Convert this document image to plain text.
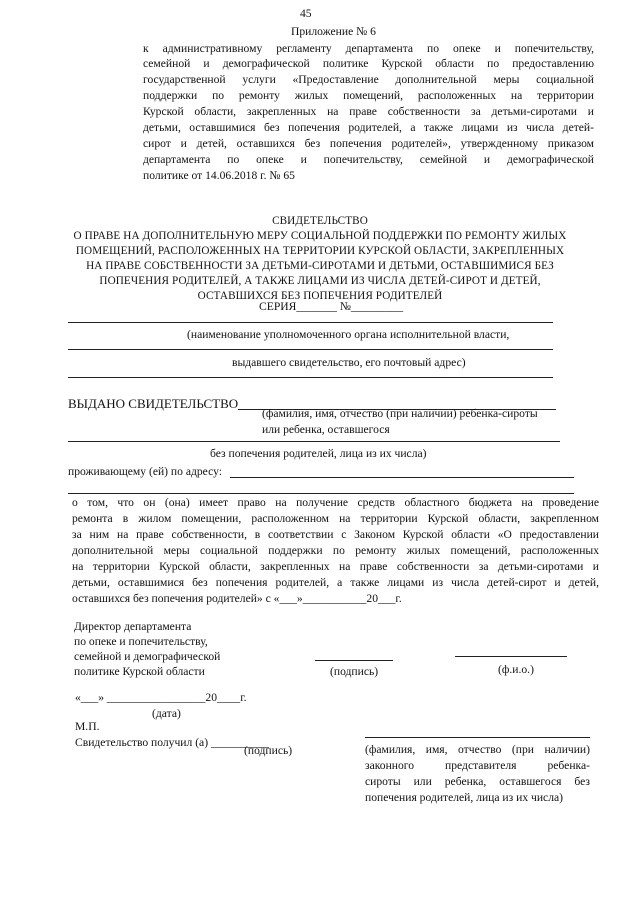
45
Приложение № 6
к административному регламенту департамента по опеке и попечительству,
семейной и демографической политике Курской области по предоставлению
государственной услуги «Предоставление дополнительной меры социальной
поддержки по ремонту жилых помещений, расположенных на территории
Курской области, закрепленных на праве собственности за детьми-сиротами и
детьми, оставшимися без попечения родителей, а также лицами из числа детей-
сирот и детей, оставшихся без попечения родителей», утвержденному приказом
департамента по опеке и попечительству, семейной и демографической
политике от 14.06.2018 г. № 65
СВИДЕТЕЛЬСТВО
О ПРАВЕ НА ДОПОЛНИТЕЛЬНУЮ МЕРУ СОЦИАЛЬНОЙ ПОДДЕРЖКИ ПО РЕМОНТУ ЖИЛЫХ
ПОМЕЩЕНИЙ, РАСПОЛОЖЕННЫХ НА ТЕРРИТОРИИ КУРСКОЙ ОБЛАСТИ, ЗАКРЕПЛЕННЫХ
НА ПРАВЕ СОБСТВЕННОСТИ ЗА ДЕТЬМИ-СИРОТАМИ И ДЕТЬМИ, ОСТАВШИМИСЯ БЕЗ
ПОПЕЧЕНИЯ РОДИТЕЛЕЙ, А ТАКЖЕ ЛИЦАМИ ИЗ ЧИСЛА ДЕТЕЙ-СИРОТ И ДЕТЕЙ,
ОСТАВШИХСЯ БЕЗ ПОПЕЧЕНИЯ РОДИТЕЛЕЙ
СЕРИЯ_______ №_________
(наименование уполномоченного органа исполнительной власти,
выдавшего свидетельство, его почтовый адрес)
ВЫДАНО СВИДЕТЕЛЬСТВО
(фамилия, имя, отчество (при наличии) ребенка-сироты
или ребенка, оставшегося
без попечения родителей, лица из их числа)
проживающему (ей) по адресу:
о том, что он (она) имеет право на получение средств областного бюджета на проведение
ремонта в жилом помещении, расположенном на территории Курской области, закрепленном
за ним на праве собственности, в соответствии с Законом Курской области «О предоставлении
дополнительной меры социальной поддержки по ремонту жилых помещений, расположенных
на территории Курской области, закрепленных на праве собственности за детьми-сиротами и
детьми, оставшимися без попечения родителей, а также лицами из числа детей-сирот и детей,
оставшихся без попечения родителей» с «___»___________20___г.
Директор департамента
по опеке и попечительству,
семейной и демографической
политике Курской области	(подпись)	(ф.и.о.)
«___» _________________20____г.
(дата)
М.П.
Свидетельство получил (а) __________
(подпись)	(фамилия, имя, отчество (при наличии)
законного представителя ребенка-
сироты или ребенка, оставшегося без
попечения родителей, лица из их числа)
